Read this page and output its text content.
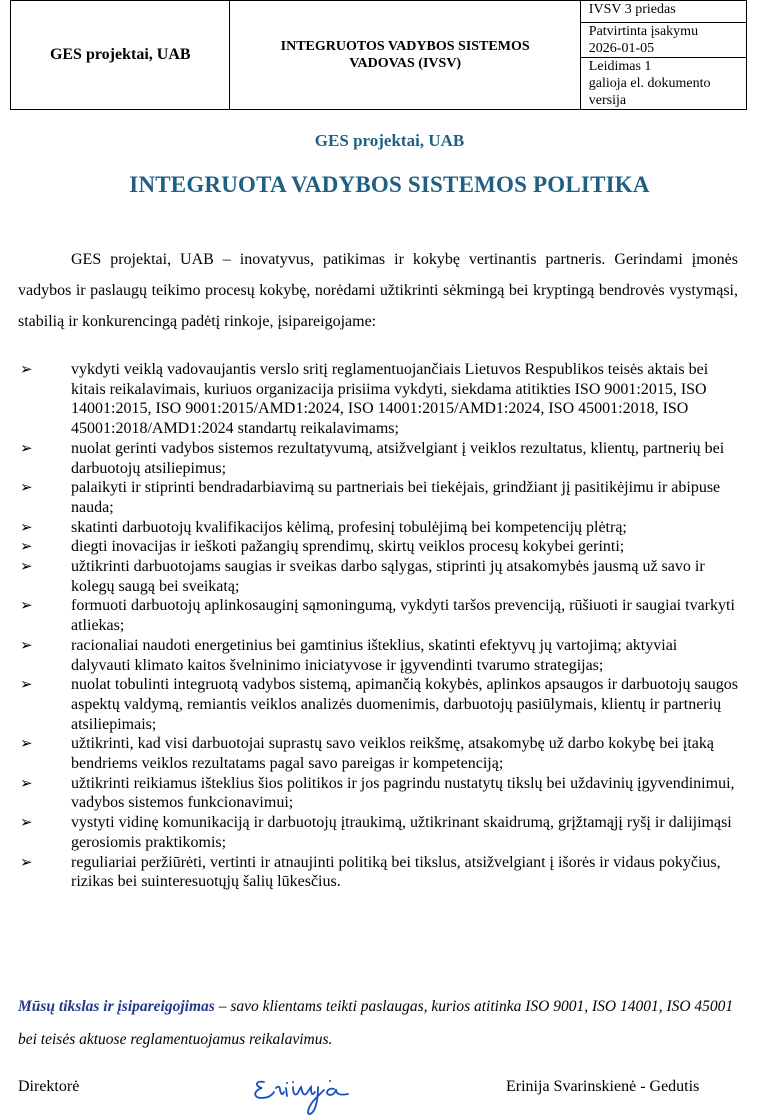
GES projektai, UAB	INTEGRUOTOS VADYBOS SISTEMOS
VADOVAS (IVSV)

IVSV 3 priedas

Patvirtinta įsakymu
2026-01-05

Leidimas 1
galioja el. dokumento
versija
GES projektai, UAB
INTEGRUOTA VADYBOS SISTEMOS POLITIKA

GES projektai, UAB – inovatyvus, patikimas ir kokybę vertinantis partneris. Gerindami įmonės vadybos ir paslaugų teikimo procesų kokybę, norėdami užtikrinti sėkmingą bei kryptingą bendrovės vystymąsi, stabilią ir konkurencingą padėtį rinkoje, įsipareigojame:

➢ vykdyti veiklą vadovaujantis verslo sritį reglamentuojančiais Lietuvos Respublikos teisės aktais bei kitais reikalavimais, kuriuos organizacija prisiima vykdyti, siekdama atitikties ISO 9001:2015, ISO 14001:2015, ISO 9001:2015/AMD1:2024, ISO 14001:2015/AMD1:2024, ISO 45001:2018, ISO 45001:2018/AMD1:2024 standartų reikalavimams;
➢ nuolat gerinti vadybos sistemos rezultatyvumą, atsižvelgiant į veiklos rezultatus, klientų, partnerių bei darbuotojų atsiliepimus;
➢ palaikyti ir stiprinti bendradarbiavimą su partneriais bei tiekėjais, grindžiant jį pasitikėjimu ir abipuse nauda;
➢ skatinti darbuotojų kvalifikacijos kėlimą, profesinį tobulėjimą bei kompetencijų plėtrą;
➢ diegti inovacijas ir ieškoti pažangių sprendimų, skirtų veiklos procesų kokybei gerinti;
➢ užtikrinti darbuotojams saugias ir sveikas darbo sąlygas, stiprinti jų atsakomybės jausmą už savo ir kolegų saugą bei sveikatą;
➢ formuoti darbuotojų aplinkosauginį sąmoningumą, vykdyti taršos prevenciją, rūšiuoti ir saugiai tvarkyti atliekas;
➢ racionaliai naudoti energetinius bei gamtinius išteklius, skatinti efektyvų jų vartojimą; aktyviai dalyvauti klimato kaitos švelninimo iniciatyvose ir įgyvendinti tvarumo strategijas;
➢ nuolat tobulinti integruotą vadybos sistemą, apimančią kokybės, aplinkos apsaugos ir darbuotojų saugos aspektų valdymą, remiantis veiklos analizės duomenimis, darbuotojų pasiūlymais, klientų ir partnerių atsiliepimais;
➢ užtikrinti, kad visi darbuotojai suprastų savo veiklos reikšmę, atsakomybę už darbo kokybę bei įtaką bendriems veiklos rezultatams pagal savo pareigas ir kompetenciją;
➢ užtikrinti reikiamus išteklius šios politikos ir jos pagrindu nustatytų tikslų bei uždavinių įgyvendinimui, vadybos sistemos funkcionavimui;
➢ vystyti vidinę komunikaciją ir darbuotojų įtraukimą, užtikrinant skaidrumą, grįžtamąjį ryšį ir dalijimąsi gerosiomis praktikomis;
➢ reguliariai peržiūrėti, vertinti ir atnaujinti politiką bei tikslus, atsižvelgiant į išorės ir vidaus pokyčius, rizikas bei suinteresuotųjų šalių lūkesčius.

Mūsų tikslas ir įsipareigojimas – savo klientams teikti paslaugas, kurios atitinka ISO 9001, ISO 14001, ISO 45001 bei teisės aktuose reglamentuojamus reikalavimus.

Direktorė	Erinija Svarinskienė - Gedutis
